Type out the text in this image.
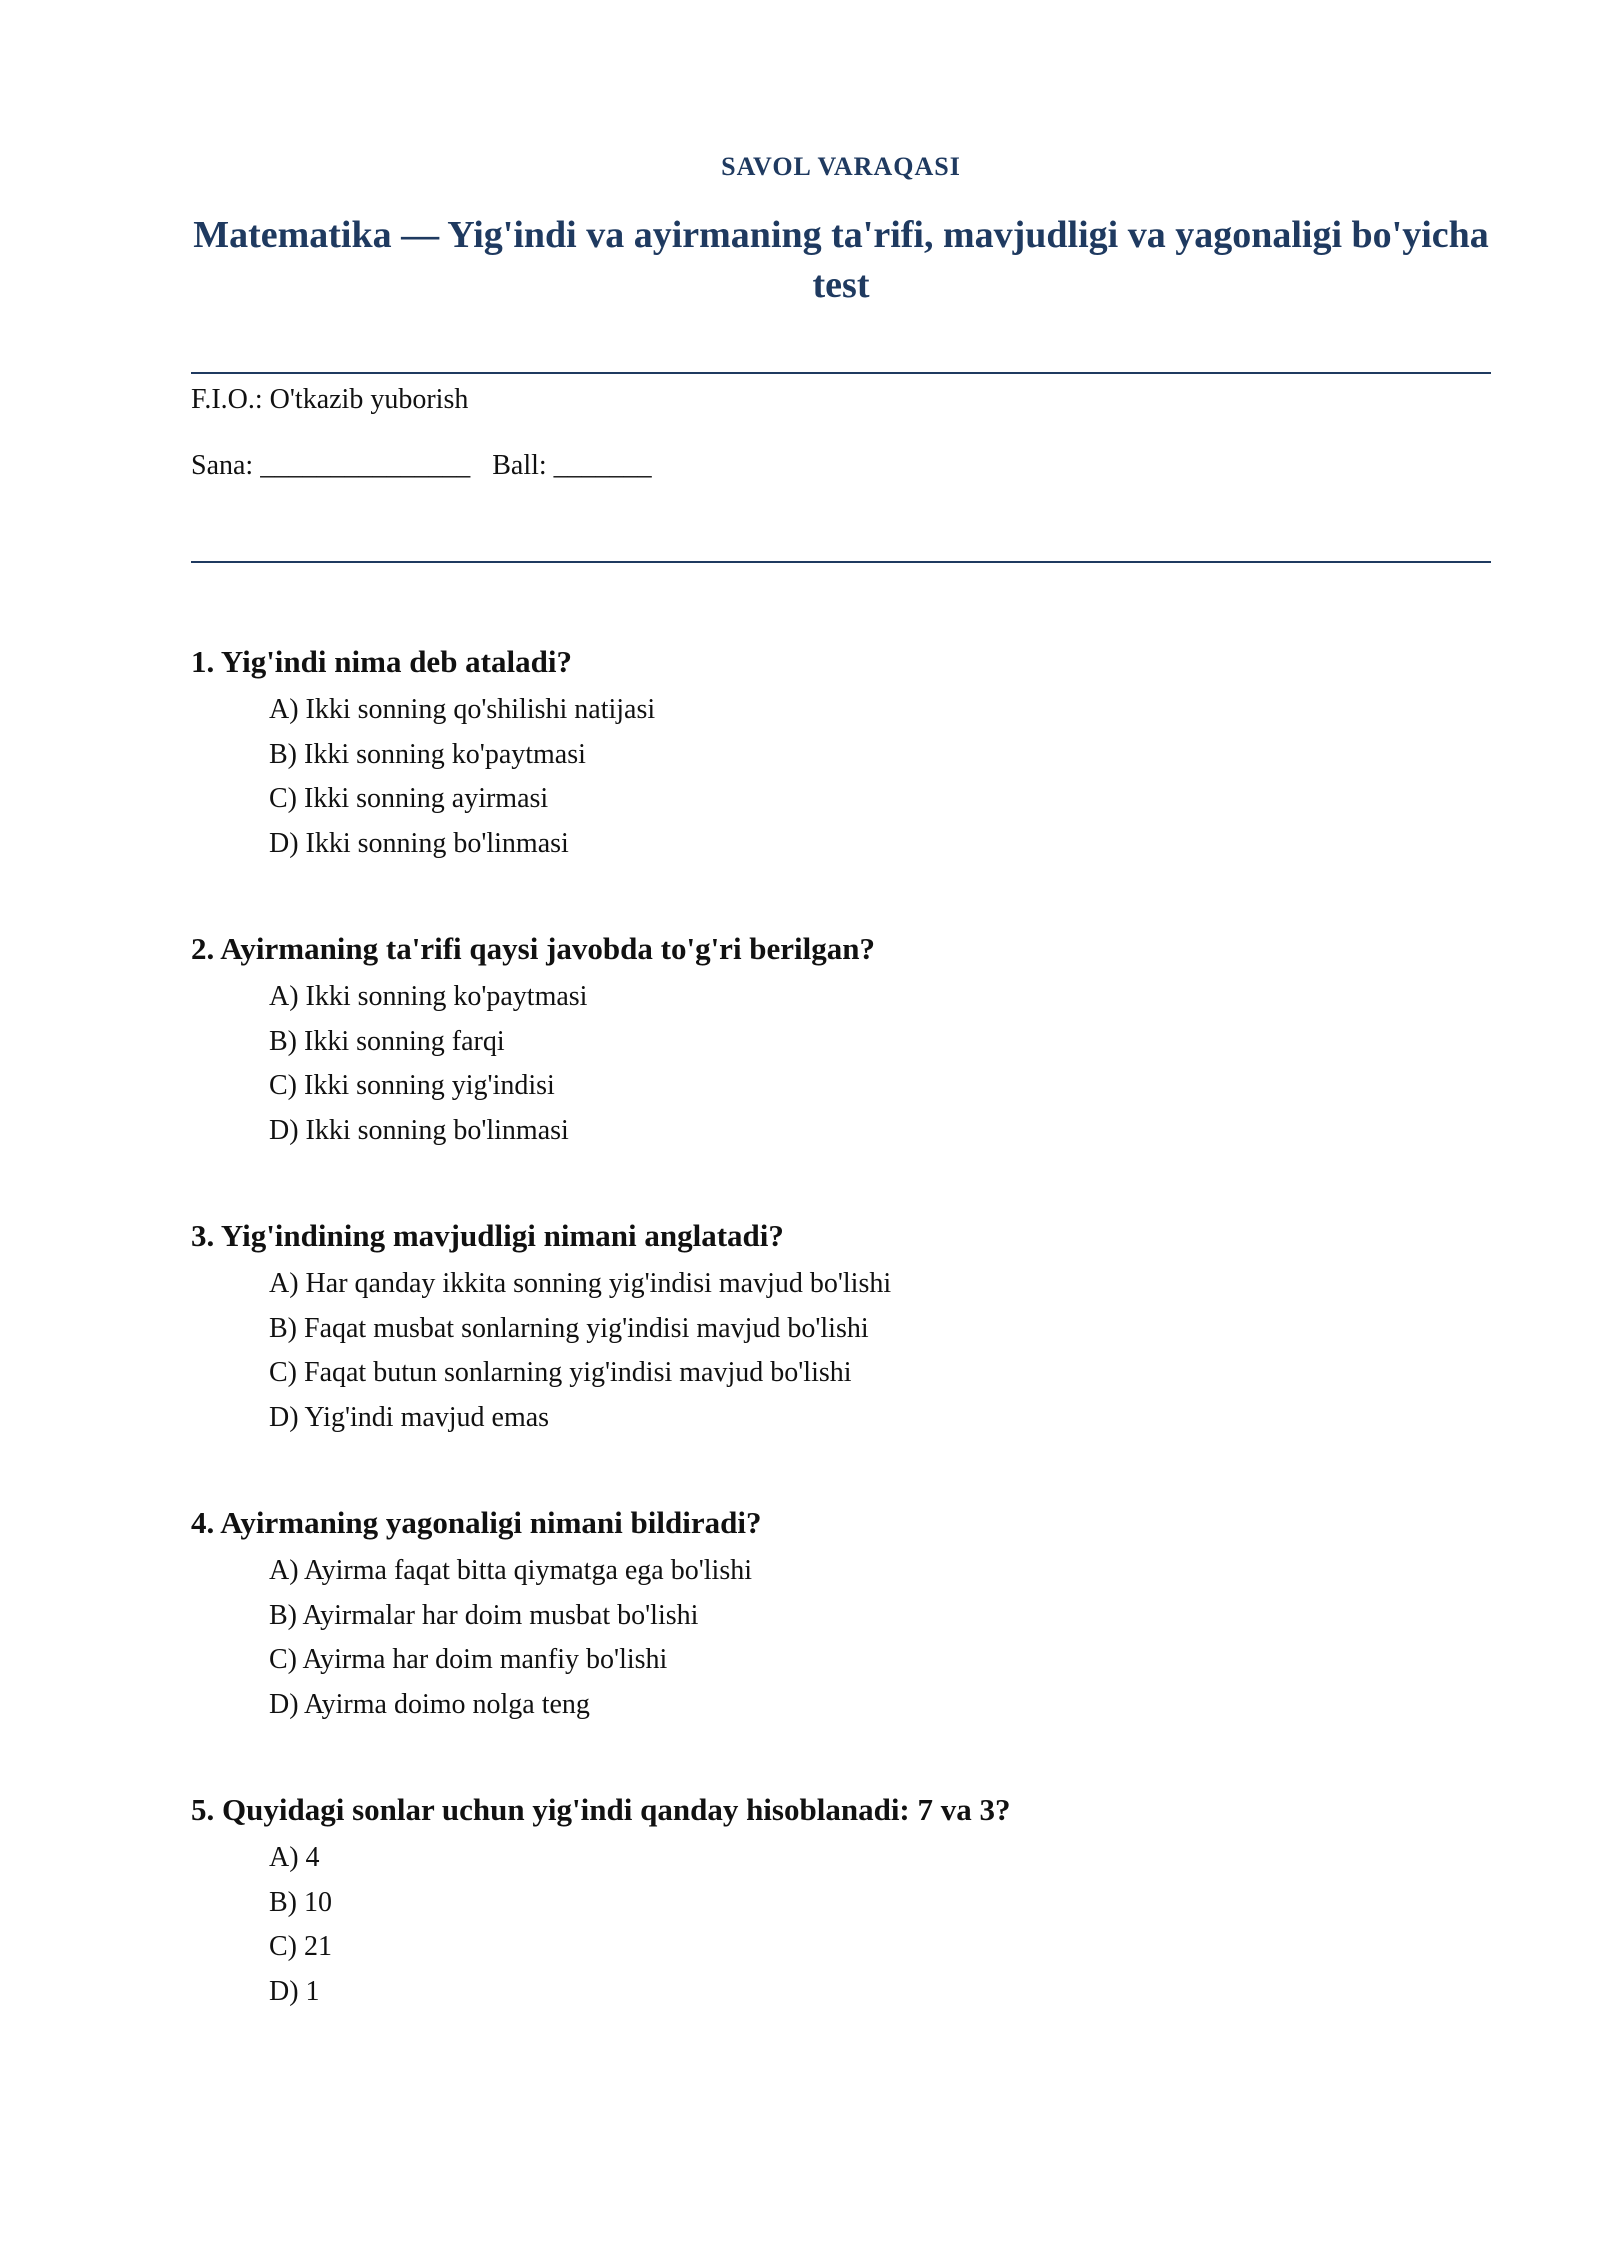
SAVOL VARAQASI
Matematika — Yig'indi va ayirmaning ta'rifi, mavjudligi va yagonaligi bo'yicha test
F.I.O.: O'tkazib yuborish
Sana: _______________ Ball: _______

1. Yig'indi nima deb ataladi?

A) Ikki sonning qo'shilishi natijasi
B) Ikki sonning ko'paytmasi
C) Ikki sonning ayirmasi
D) Ikki sonning bo'linmasi

2. Ayirmaning ta'rifi qaysi javobda to'g'ri berilgan?

A) Ikki sonning ko'paytmasi
B) Ikki sonning farqi
C) Ikki sonning yig'indisi
D) Ikki sonning bo'linmasi

3. Yig'indining mavjudligi nimani anglatadi?

A) Har qanday ikkita sonning yig'indisi mavjud bo'lishi
B) Faqat musbat sonlarning yig'indisi mavjud bo'lishi
C) Faqat butun sonlarning yig'indisi mavjud bo'lishi
D) Yig'indi mavjud emas

4. Ayirmaning yagonaligi nimani bildiradi?

A) Ayirma faqat bitta qiymatga ega bo'lishi
B) Ayirmalar har doim musbat bo'lishi
C) Ayirma har doim manfiy bo'lishi
D) Ayirma doimo nolga teng

5. Quyidagi sonlar uchun yig'indi qanday hisoblanadi: 7 va 3?

A) 4
B) 10
C) 21
D) 1
